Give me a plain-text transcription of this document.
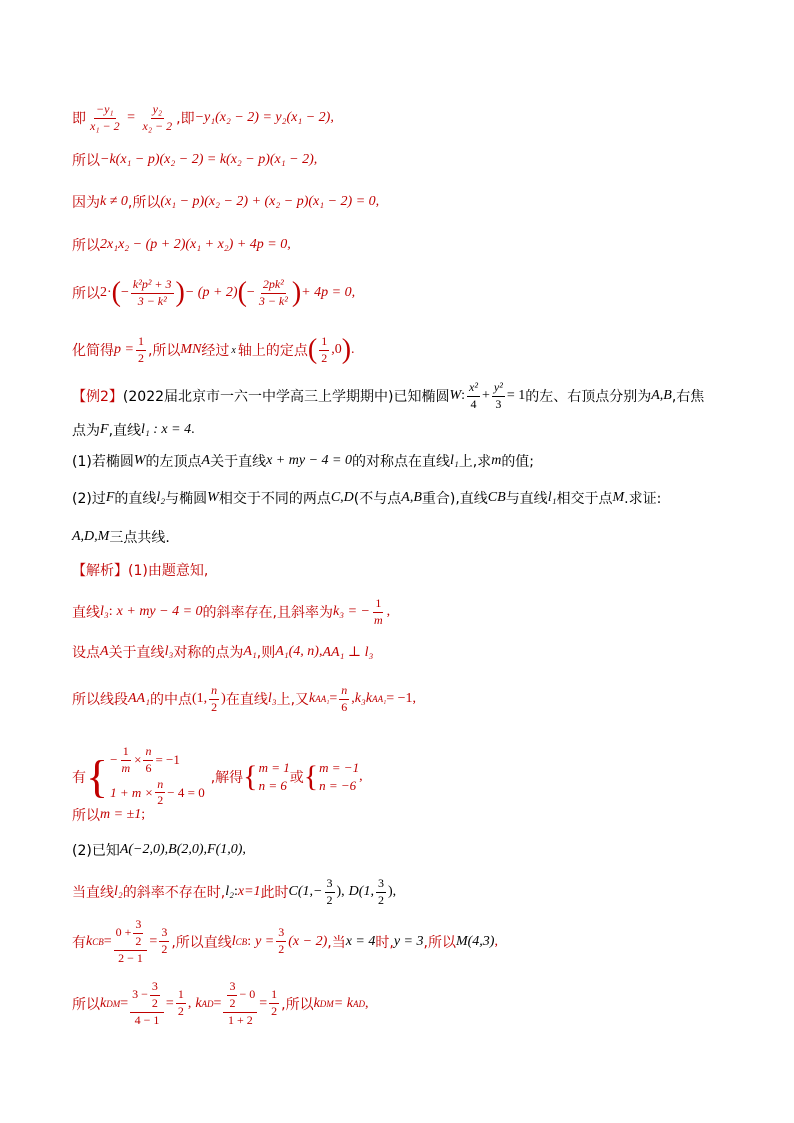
即 $\frac{\text{−y₁}}{\text{x₁ − 2}} = \frac{\text{y₂}}{\text{x₂ − 2}}$ ,即 −y₁(x₂ − 2) = y₂(x₁ − 2),
所以 −k(x₁ − p)(x₂ − 2) = k(x₂ − p)(x₁ − 2),
因为 k ≠ 0 ,所以 (x₁ − p)(x₂ − 2) + (x₂ − p)(x₁ − 2) = 0,
所以 2x₁x₂ − (p + 2)(x₁ + x₂) + 4p = 0,
所以 2· ( − $\frac{\text{k²p² + 3}}{\text{3 − k²}}$ ) − (p + 2) ( − $\frac{\text{2pk²}}{\text{3 − k²}}$ ) + 4p = 0,
化简得 $p = \frac{1}{2}$ ,所以 MN 经过 x 轴上的定点 ( $\frac{1}{2} ,0$ ) .
【例2】 (2022届北京市一六一中学高三上学期期中)已知椭圆 W : $\frac{\text{x²}}{4} + \frac{\text{y²}}{3} = 1$ 的左、右顶点分别为 A,B ,右焦
点为 F ,直线 l₁ : x = 4 .
(1)若椭圆 W 的左顶点 A 关于直线 x + my − 4 = 0 的对称点在直线 l₁ 上,求 m 的值;
(2)过 F 的直线 l₂ 与椭圆 W 相交于不同的两点 C,D (不与点 A,B 重合),直线 CB 与直线 l₁ 相交于点 M .求证:
A,D,M 三点共线.
【解析】 (1)由题意知,
直线 l₃ : x + my − 4 = 0 的斜率存在,且斜率为 k₃ = − $\frac{1}{m}$ ,
设点 A 关于直线 l₃ 对称的点为 A₁ ,则 A₁(4, n) , AA₁ ⊥ l₃
所以线段 AA₁ 的中点 (1, $\frac{n}{2}$ ) 在直线 l₃ 上,又 k $AA_1 = \frac{n}{6}$ , k₃k AA₁ = −1,
有 { − $\frac{1}{m} \times \frac{n}{6} = -1$
$1 + m \times \frac{n}{2} - 4 = 0$
,解得 { m = 1
n = 6 或 { m = −1
n = −6
,
所以 m = ±1 ;
(2)已知 A(−2,0),B(2,0),F(1,0),
当直线 l₂ 的斜率不存在时, l₂ : x=1 此时 $C(1,- \frac{3}{2}$ ), D(1, $\frac{3}{2}$ ),
有 k CB = $\frac{0 + \frac{3}{2}}{2 - 1} = \frac{3}{2}$ ,所以直线 l CB : $y = \frac{3}{2} (x - 2)$ ,当 x = 4 时, y = 3 ,所以 M(4,3) ,
所以 k DM = $\frac{3 - \frac{3}{2}}{4 - 1} = \frac{1}{2}$ , k AD = $\frac{\frac{3}{2} - 0}{1 + 2} = \frac{1}{2}$ ,所以 k DM = k AD ,
